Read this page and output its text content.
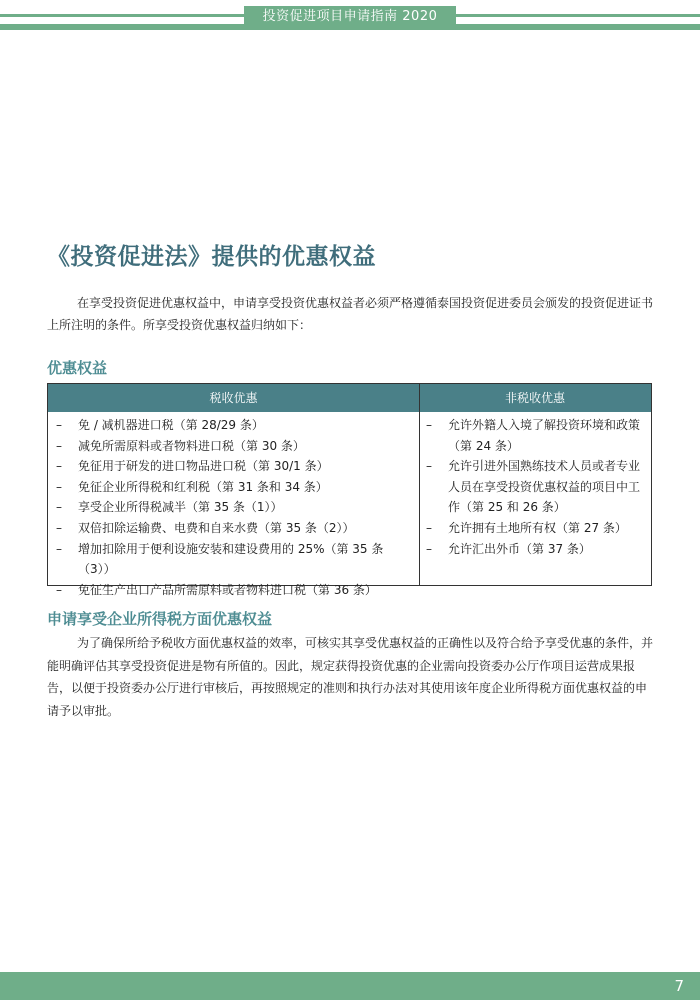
投资促进项目申请指南 2020
《投资促进法》提供的优惠权益

在享受投资促进优惠权益中，申请享受投资优惠权益者必须严格遵循泰国投资促进委员会颁发的投资促进证书上所注明的条件。所享受投资优惠权益归纳如下：

优惠权益
税收优惠	非税收优惠
– 免 / 减机器进口税（第 28/29 条）
– 减免所需原料或者物料进口税（第 30 条）
– 免征用于研发的进口物品进口税（第 30/1 条）
– 免征企业所得税和红利税（第 31 条和 34 条）
– 享受企业所得税减半（第 35 条（1））
– 双倍扣除运输费、电费和自来水费（第 35 条（2））
– 增加扣除用于便利设施安装和建设费用的 25%（第 35 条（3））
– 免征生产出口产品所需原料或者物料进口税（第 36 条）
– 允许外籍人入境了解投资环境和政策（第 24 条）
– 允许引进外国熟练技术人员或者专业人员在享受投资优惠权益的项目中工作（第 25 和 26 条）
– 允许拥有土地所有权（第 27 条）
– 允许汇出外币（第 37 条）
申请享受企业所得税方面优惠权益

为了确保所给予税收方面优惠权益的效率，可核实其享受优惠权益的正确性以及符合给予享受优惠的条件，并能明确评估其享受投资促进是物有所值的。因此，规定获得投资优惠的企业需向投资委办公厅作项目运营成果报告，以便于投资委办公厅进行审核后，再按照规定的准则和执行办法对其使用该年度企业所得税方面优惠权益的申请予以审批。

7
